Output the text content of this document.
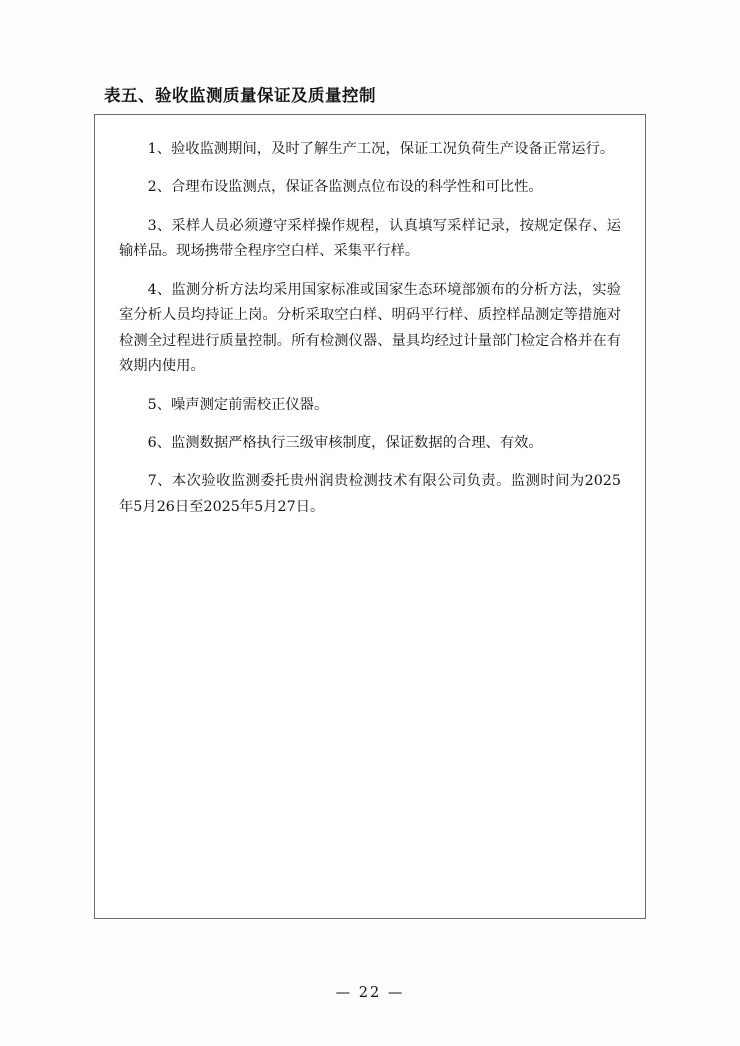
表五、验收监测质量保证及质量控制

1、验收监测期间，及时了解生产工况，保证工况负荷生产设备正常运行。

2、合理布设监测点，保证各监测点位布设的科学性和可比性。

3、采样人员必须遵守采样操作规程，认真填写采样记录，按规定保存、运输样品。现场携带全程序空白样、采集平行样。

4、监测分析方法均采用国家标准或国家生态环境部颁布的分析方法，实验室分析人员均持证上岗。分析采取空白样、明码平行样、质控样品测定等措施对检测全过程进行质量控制。所有检测仪器、量具均经过计量部门检定合格并在有效期内使用。

5、噪声测定前需校正仪器。

6、监测数据严格执行三级审核制度，保证数据的合理、有效。

7、本次验收监测委托贵州润贵检测技术有限公司负责。监测时间为2025年5月26日至2025年5月27日。

— 22 —
